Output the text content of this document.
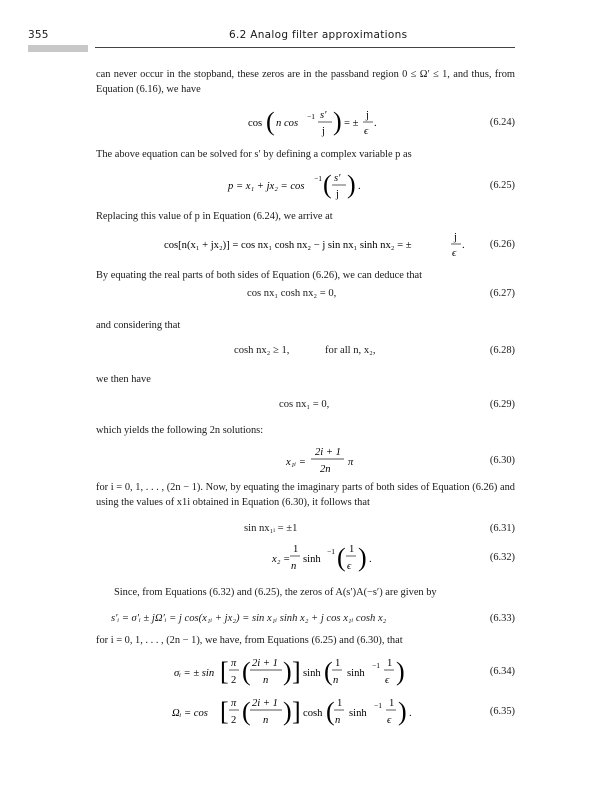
355	6.2 Analog filter approximations

can never occur in the stopband, these zeros are in the passband region 0 ≤ Ω′ ≤ 1, and thus, from Equation (6.16), we have

cos ( n cos
−1 s′
j ) = ±
j
ϵ
.	(6.24)

The above equation can be solved for s′ by defining a complex variable p as

p = x₁ + jx₂ = cos
−1 ( s′
j ) .	(6.25)

Replacing this value of p in Equation (6.24), we arrive at

cos[n(x₁ + jx₂)] = cos nx₁ cosh nx₂ − j sin nx₁ sinh nx₂ = ±
j
ϵ
. (6.26)

By equating the real parts of both sides of Equation (6.26), we can deduce that

cos nx₁ cosh nx₂ = 0,	(6.27)

and considering that

cosh nx₂ ≥ 1,	for all n, x₂,	(6.28)

we then have

cos nx₁ = 0,	(6.29)

which yields the following 2n solutions:

x₁ᵢ =
2i + 1
2n
π	(6.30)

for i = 0, 1, . . . , (2n − 1). Now, by equating the imaginary parts of both sides of Equation (6.26) and using the values of x1i obtained in Equation (6.30), it follows that

sin nx₁ᵢ = ±1	(6.31)
x₂ =
1
n
sinh
−1 ( 1
ϵ ) .	(6.32)

Since, from Equations (6.32) and (6.25), the zeros of A(s′)A(−s′) are given by

s′ᵢ = σ′ᵢ ± jΩ′ᵢ = j cos(x₁ᵢ + jx₂) = sin x₁ᵢ sinh x₂ + j cos x₁ᵢ cosh x₂	(6.33)

for i = 0, 1, . . . , (2n − 1), we have, from Equations (6.25) and (6.30), that

σᵢ = ± sin [ π
2 ( 2i + 1
n ) ] sinh ( 1
n
sinh
−1 1
ϵ )	(6.34)
Ωᵢ = cos [ π
2 ( 2i + 1
n ) ] cosh ( 1
n
sinh
−1 1
ϵ ) .	(6.35)
